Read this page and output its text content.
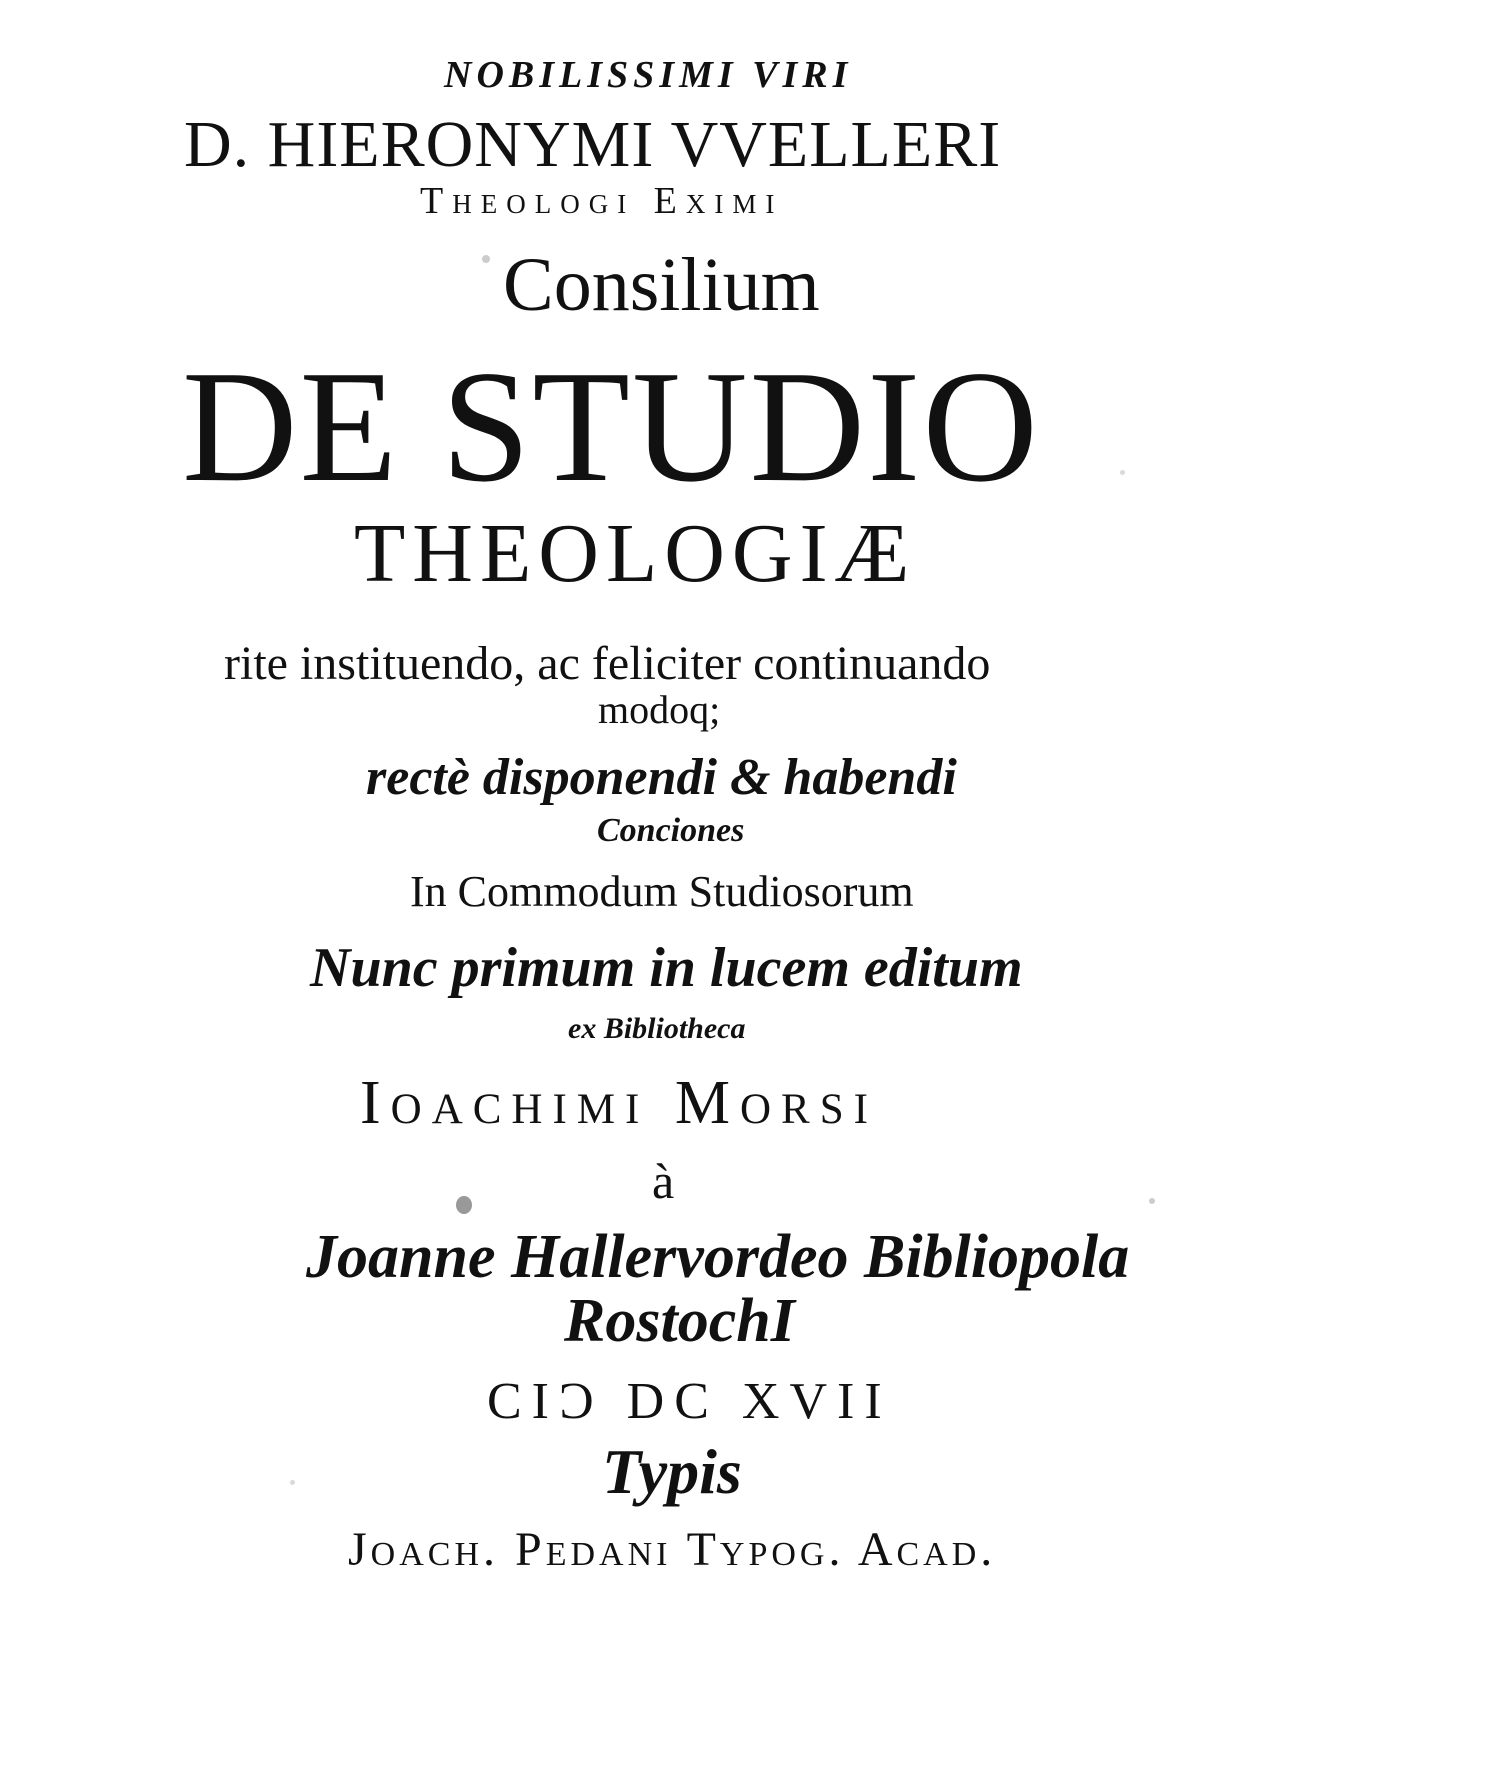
NOBILISSIMI VIRI
D. HIERONYMI VVELLERI
Theologi Eximi
Consilium
DE STUDIO
THEOLOGIÆ
rite instituendo, ac feliciter continuando
modoq;
rectè disponendi & habendi
Conciones
In Commodum Studiosorum
Nunc primum in lucem editum
ex Bibliotheca
Ioachimi Morsi
à
Joanne Hallervordeo Bibliopola
RostochI
CIƆ DC XVII
Typis
Joach. Pedani Typog. Acad.
